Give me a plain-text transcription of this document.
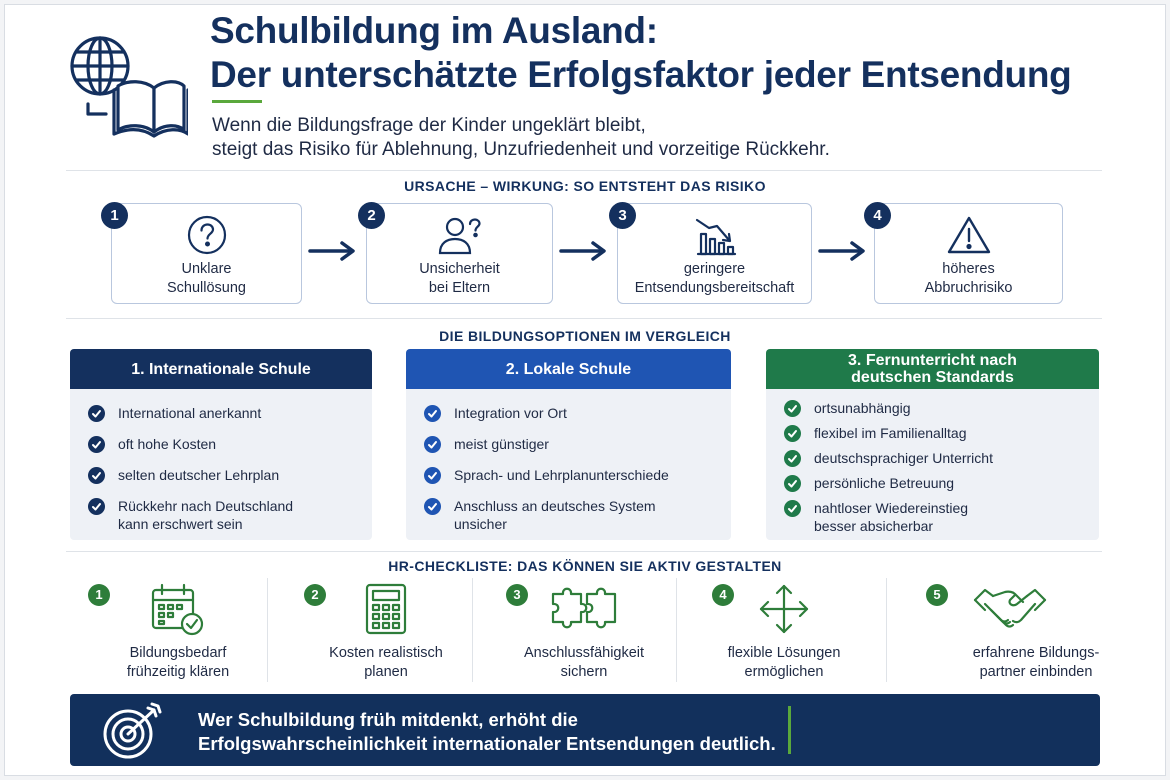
Schulbildung im Ausland:
Der unterschätzte Erfolgsfaktor jeder Entsendung
Wenn die Bildungsfrage der Kinder ungeklärt bleibt,
steigt das Risiko für Ablehnung, Unzufriedenheit und vorzeitige Rückkehr.
URSACHE – WIRKUNG: SO ENTSTEHT DAS RISIKO
Unklare
Schullösung
1
Unsicherheit
bei Eltern
2
geringere
Entsendungsbereitschaft
3
höheres
Abbruchrisiko
4
DIE BILDUNGSOPTIONEN IM VERGLEICH
1. Internationale Schule
International anerkannt
oft hohe Kosten
selten deutscher Lehrplan
Rückkehr nach Deutschland
kann erschwert sein
2. Lokale Schule
Integration vor Ort
meist günstiger
Sprach- und Lehrplanunterschiede
Anschluss an deutsches System
unsicher
3. Fernunterricht nach
deutschen Standards
ortsunabhängig
flexibel im Familienalltag
deutschsprachiger Unterricht
persönliche Betreuung
nahtloser Wiedereinstieg
besser absicherbar
HR-CHECKLISTE: DAS KÖNNEN SIE AKTIV GESTALTEN
1
Bildungsbedarf
frühzeitig klären
2
Kosten realistisch
planen
3
Anschlussfähigkeit
sichern
4
flexible Lösungen
ermöglichen
5
erfahrene Bildungs-
partner einbinden
Wer Schulbildung früh mitdenkt, erhöht die
Erfolgswahrscheinlichkeit internationaler Entsendungen deutlich.
